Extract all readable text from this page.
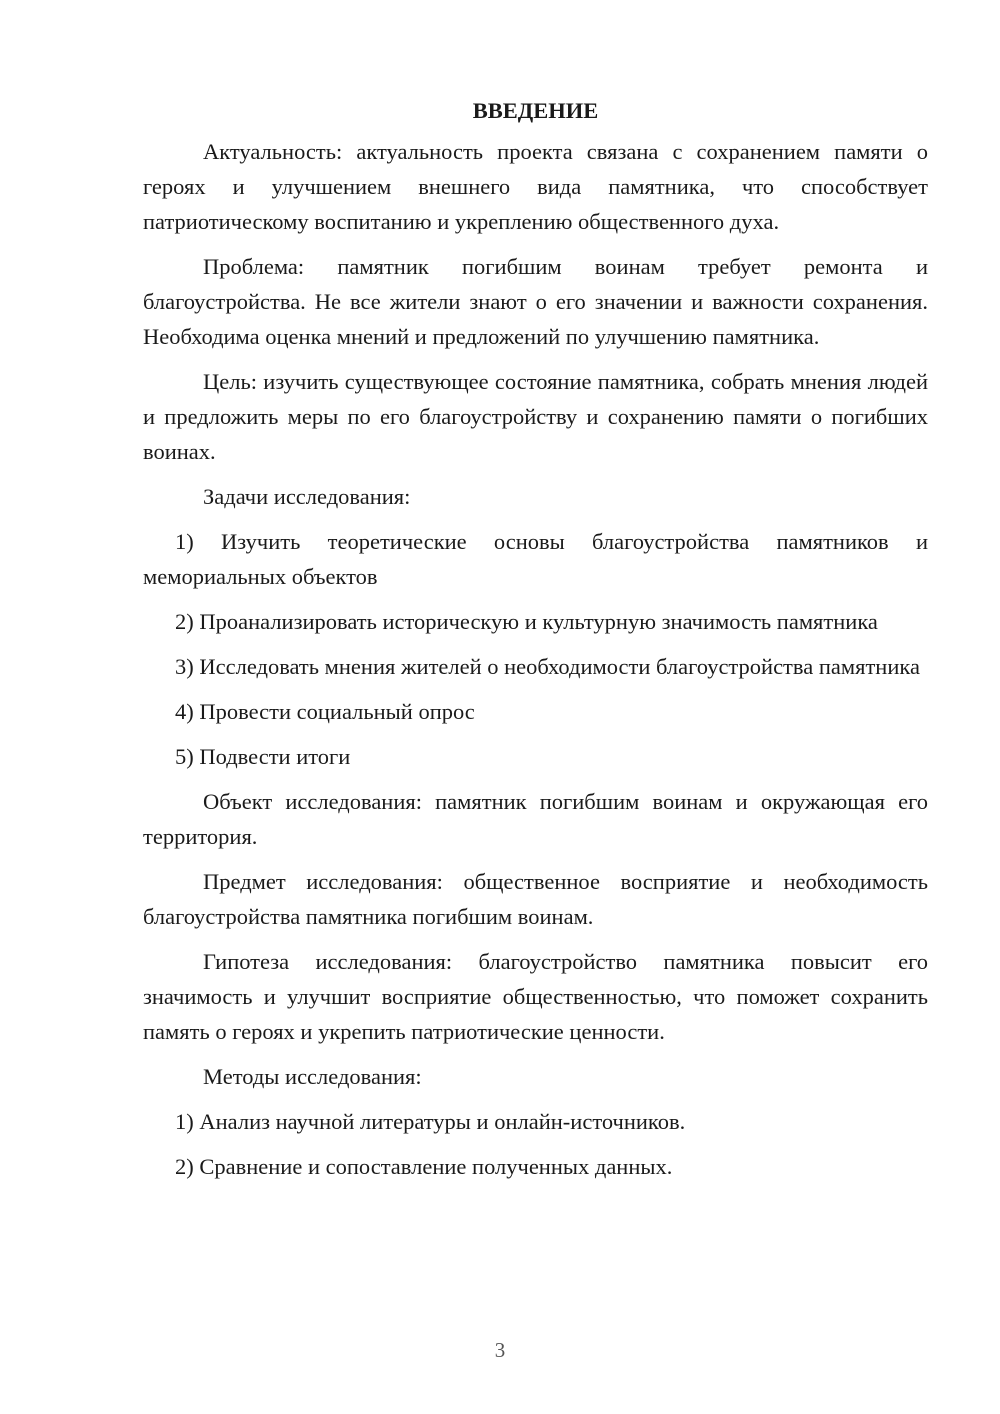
ВВЕДЕНИЕ

Актуальность: актуальность проекта связана с сохранением памяти о героях и улучшением внешнего вида памятника, что способствует патриотическому воспитанию и укреплению общественного духа.

Проблема: памятник погибшим воинам требует ремонта и благоустройства. Не все жители знают о его значении и важности сохранения. Необходима оценка мнений и предложений по улучшению памятника.

Цель: изучить существующее состояние памятника, собрать мнения людей и предложить меры по его благоустройству и сохранению памяти о погибших воинах.

Задачи исследования:

1) Изучить теоретические основы благоустройства памятников и мемориальных объектов

2) Проанализировать историческую и культурную значимость памятника

3) Исследовать мнения жителей о необходимости благоустройства памятника

4) Провести социальный опрос

5) Подвести итоги

Объект исследования: памятник погибшим воинам и окружающая его территория.

Предмет исследования: общественное восприятие и необходимость благоустройства памятника погибшим воинам.

Гипотеза исследования: благоустройство памятника повысит его значимость и улучшит восприятие общественностью, что поможет сохранить память о героях и укрепить патриотические ценности.

Методы исследования:

1) Анализ научной литературы и онлайн-источников.

2) Сравнение и сопоставление полученных данных.

3
